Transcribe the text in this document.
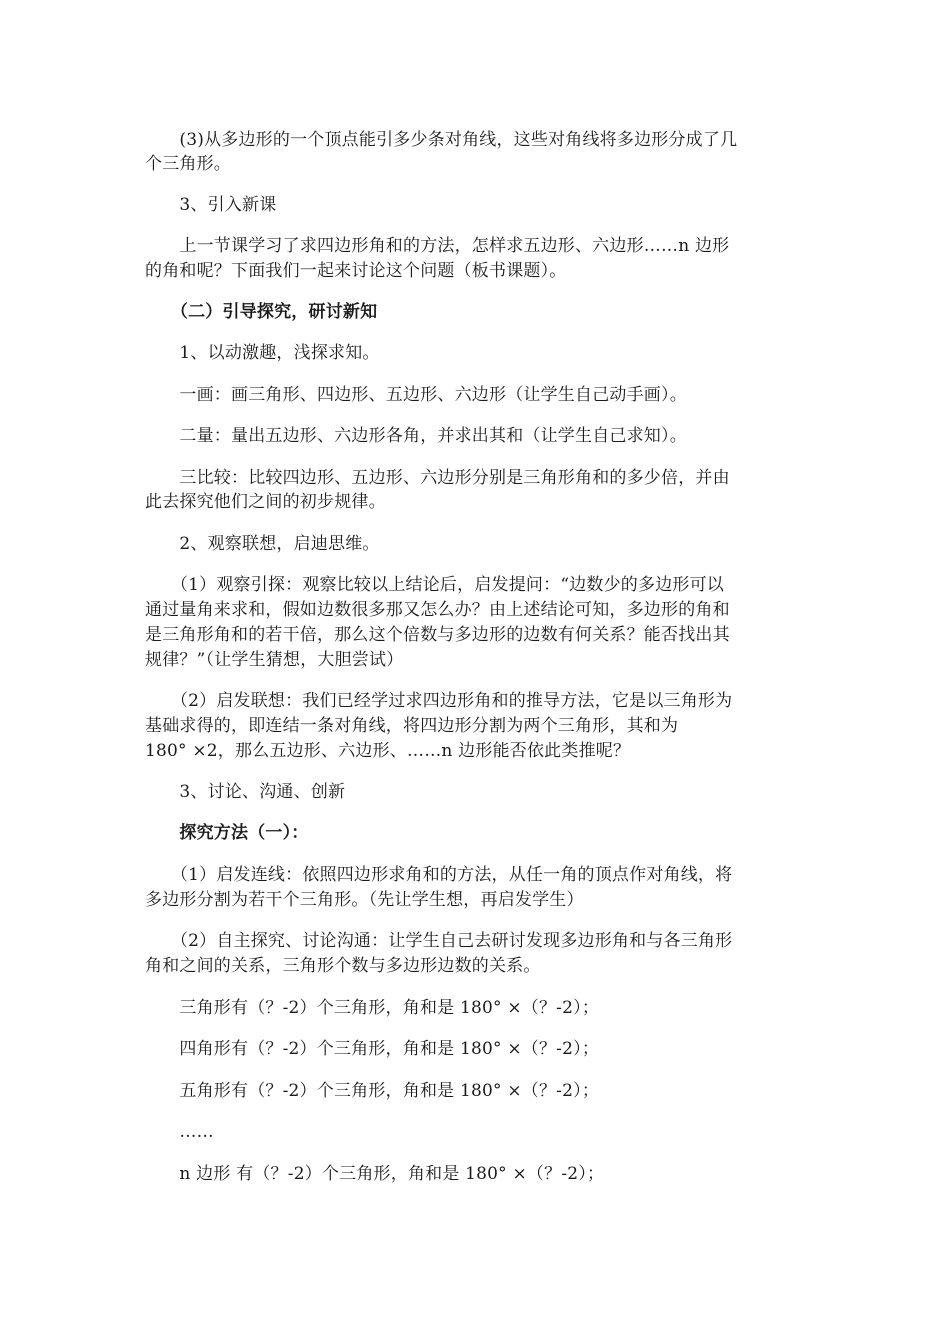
　　(3)从多边形的一个顶点能引多少条对角线，这些对角线将多边形分成了几
个三角形。
　　3、引入新课
　　上一节课学习了求四边形角和的方法，怎样求五边形、六边形……n 边形
的角和呢？下面我们一起来讨论这个问题（板书课题）。
　　（二）引导探究，研讨新知
　　1、以动激趣，浅探求知。
　　一画：画三角形、四边形、五边形、六边形（让学生自己动手画）。
　　二量：量出五边形、六边形各角，并求出其和（让学生自己求知）。
　　三比较：比较四边形、五边形、六边形分别是三角形角和的多少倍，并由
此去探究他们之间的初步规律。
　　2、观察联想，启迪思维。
　　（1）观察引探：观察比较以上结论后，启发提问：“边数少的多边形可以
通过量角来求和，假如边数很多那又怎么办？由上述结论可知，多边形的角和
是三角形角和的若干倍，那么这个倍数与多边形的边数有何关系？能否找出其
规律？”（让学生猜想，大胆尝试）
　　（2）启发联想：我们已经学过求四边形角和的推导方法，它是以三角形为
基础求得的，即连结一条对角线，将四边形分割为两个三角形，其和为
180° ×2，那么五边形、六边形、……n 边形能否依此类推呢？
　　3、讨论、沟通、创新
　　探究方法（一）：
　　（1）启发连线：依照四边形求角和的方法，从任一角的顶点作对角线，将
多边形分割为若干个三角形。（先让学生想，再启发学生）
　　（2）自主探究、讨论沟通：让学生自己去研讨发现多边形角和与各三角形
角和之间的关系，三角形个数与多边形边数的关系。
　　三角形有（？-2）个三角形，角和是 180° ×（？-2）；
　　四角形有（？-2）个三角形，角和是 180° ×（？-2）；
　　五角形有（？-2）个三角形，角和是 180° ×（？-2）；
　　……
　　n 边形 有（？-2）个三角形，角和是 180° ×（？-2）；
